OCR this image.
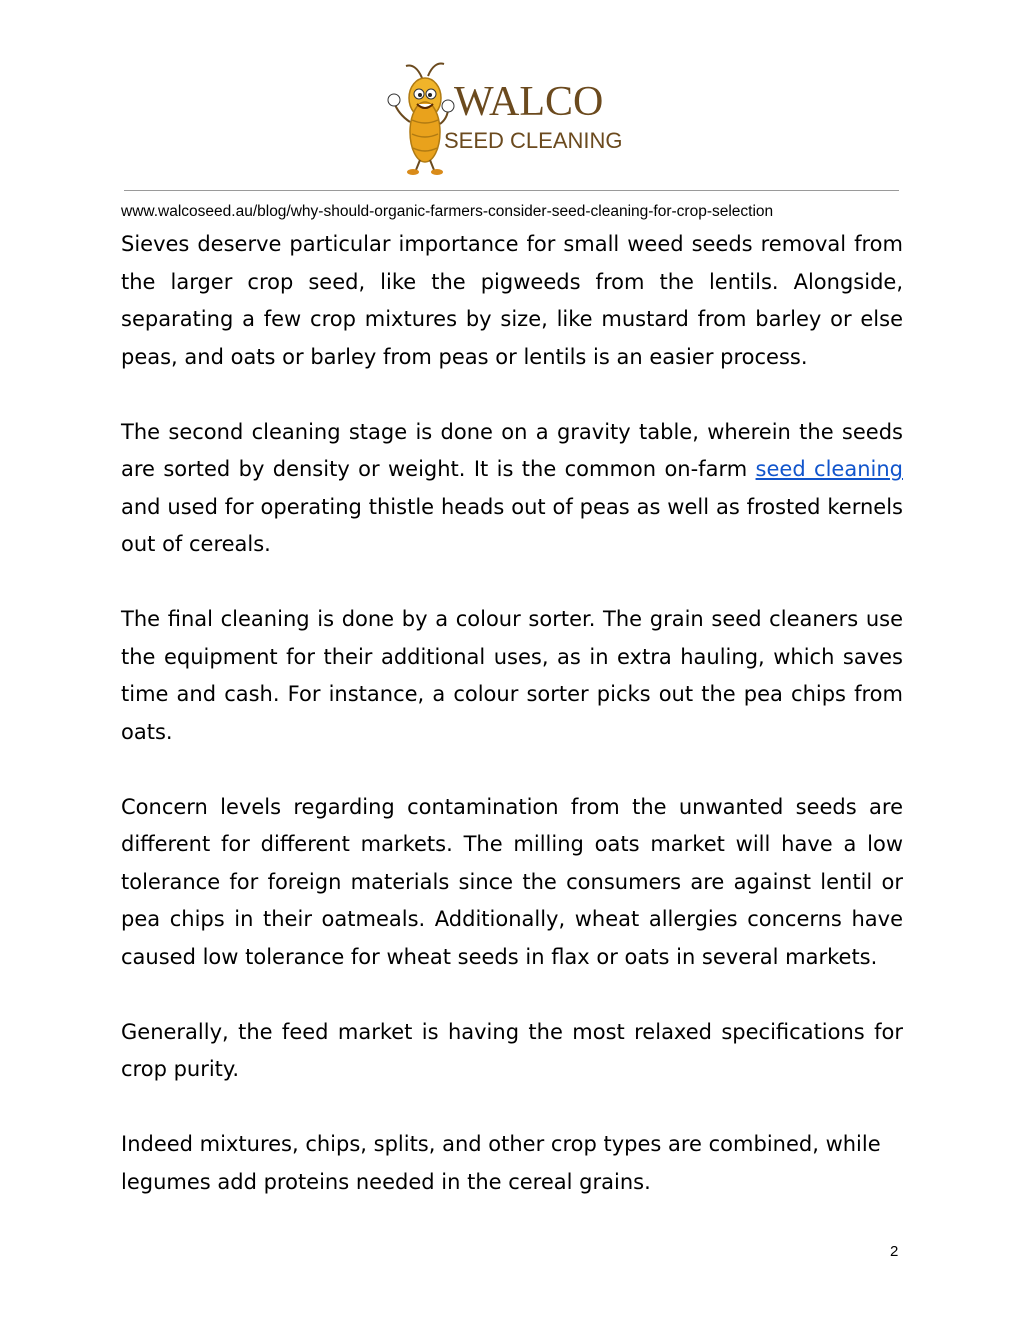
WALCO
SEED CLEANING
www.walcoseed.au/blog/why-should-organic-farmers-consider-seed-cleaning-for-crop-selection

Sieves deserve particular importance for small weed seeds removal from the larger crop seed, like the pigweeds from the lentils. Alongside, separating a few crop mixtures by size, like mustard from barley or else peas, and oats or barley from peas or lentils is an easier process.

The second cleaning stage is done on a gravity table, wherein the seeds are sorted by density or weight. It is the common on-farm seed cleaning and used for operating thistle heads out of peas as well as frosted kernels out of cereals.

The final cleaning is done by a colour sorter. The grain seed cleaners use the equipment for their additional uses, as in extra hauling, which saves time and cash. For instance, a colour sorter picks out the pea chips from oats.

Concern levels regarding contamination from the unwanted seeds are different for different markets. The milling oats market will have a low tolerance for foreign materials since the consumers are against lentil or pea chips in their oatmeals. Additionally, wheat allergies concerns have caused low tolerance for wheat seeds in flax or oats in several markets.

Generally, the feed market is having the most relaxed specifications for crop purity.

Indeed mixtures, chips, splits, and other crop types are combined, while legumes add proteins needed in the cereal grains.

2
